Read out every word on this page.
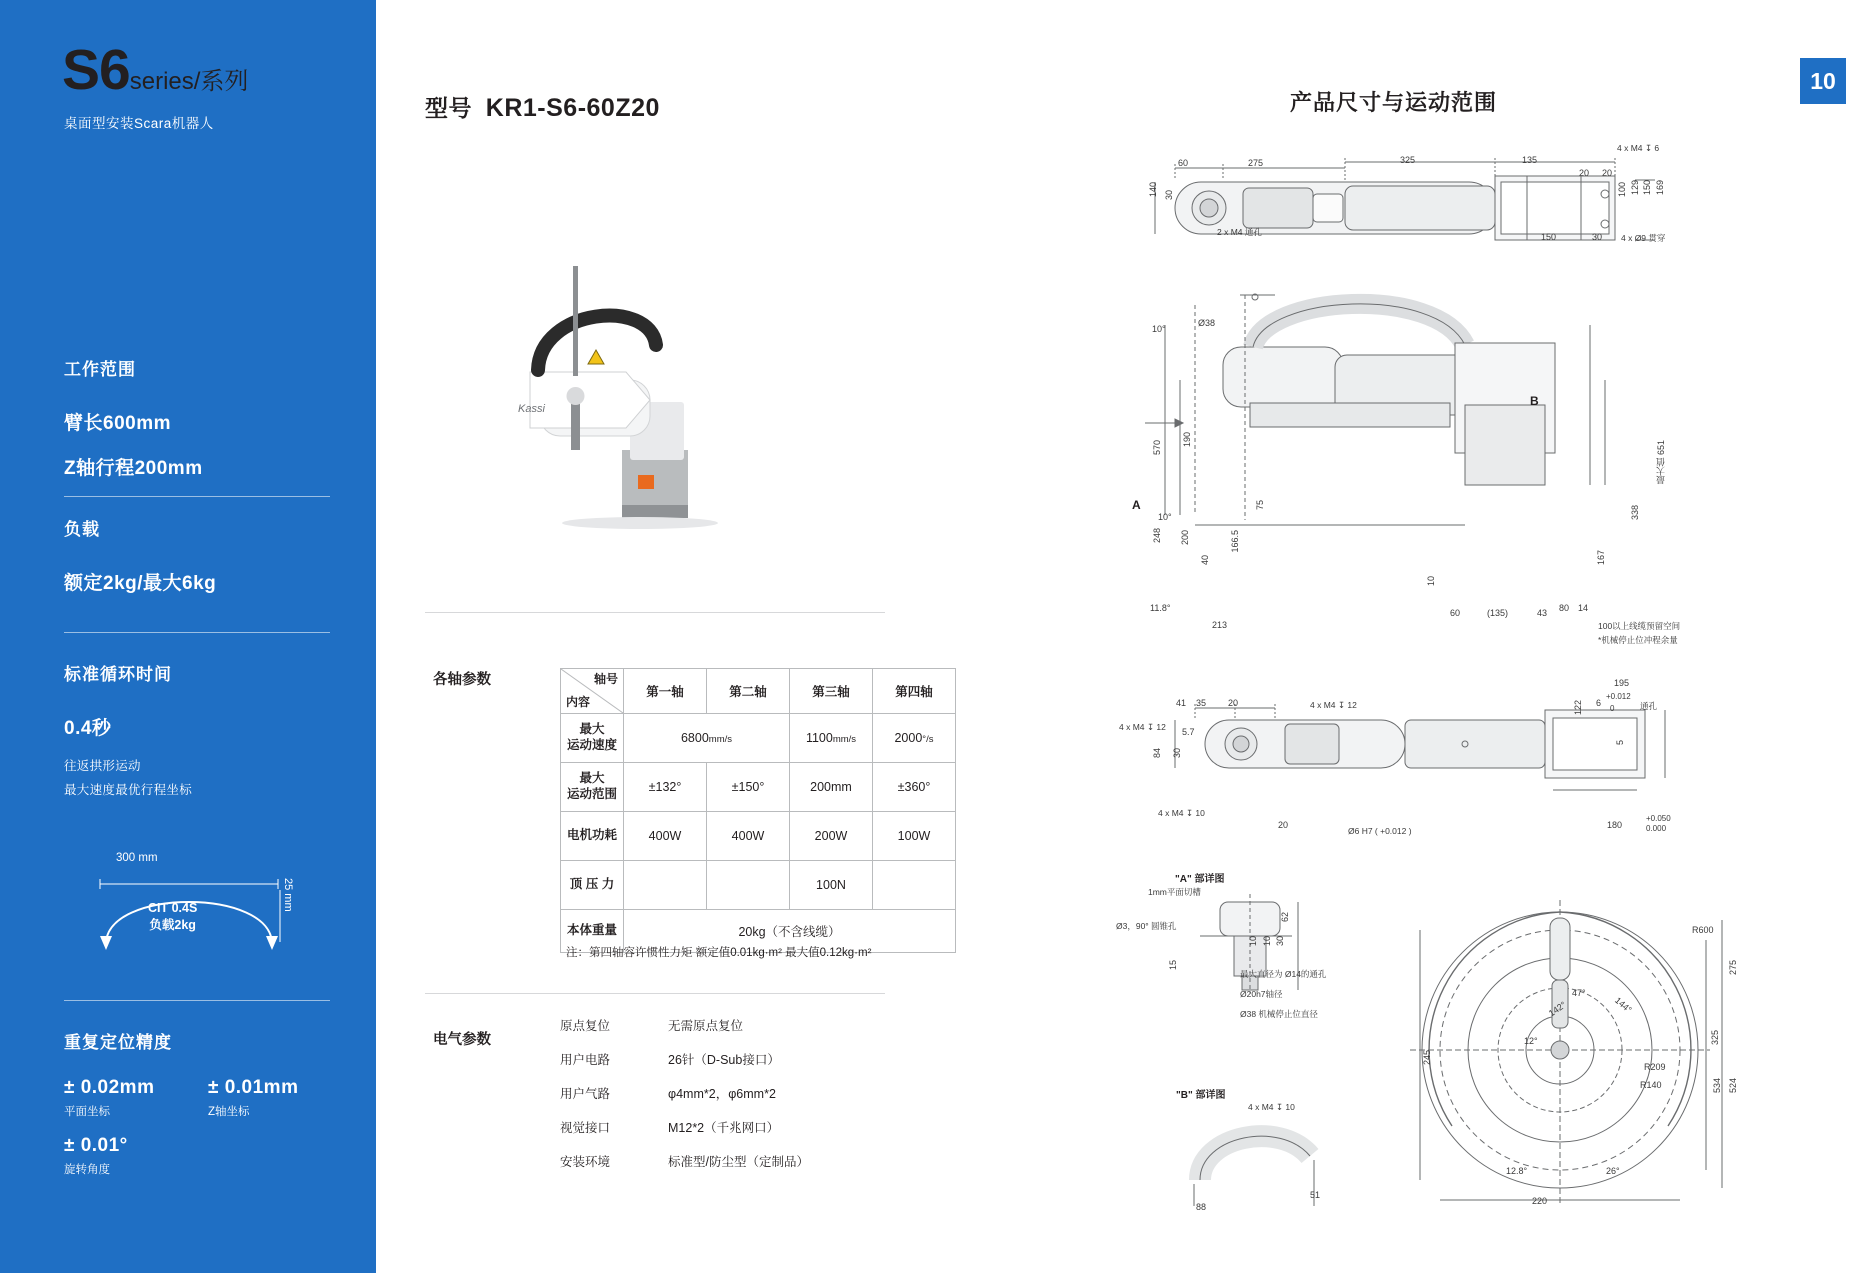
S6series/系列
桌面型安装Scara机器人
工作范围
臂长600mm
Z轴行程200mm
负载
额定2kg/最大6kg
标准循环时间
0.4秒
往返拱形运动
最大速度最优行程坐标
300 mm
25 mm
CIT 0.4S
负载2kg
重复定位精度
± 0.02mm	± 0.01mm
平面坐标	Z轴坐标
± 0.01°
旋转角度
型号 KR1-S6-60Z20
Kassi
各轴参数
电气参数
轴号
内容	第一轴	第二轴	第三轴	第四轴
最大
运动速度	6800mm/s		1100mm/s	2000°/s
最大
运动范围	±132°	±150°	200mm	±360°
电机功耗	400W	400W	200W	100W
顶 压 力			100N	
本体重量	20kg（不含线缆）			
注：第四轴容许惯性力矩 额定值0.01kg·m² 最大值0.12kg·m²
原点复位	无需原点复位
用户电路	26针（D-Sub接口）
用户气路	φ4mm*2，φ6mm*2
视觉接口	M12*2（千兆网口）
安装环境	标准型/防尘型（定制品）
产品尺寸与运动范围
10
60	275	325	135
20 20
140 30	100 129 150 169
150	30
4 x M4 ↧ 6
2 x M4 通孔
4 x Ø9 贯穿
10°
Ø38
570
190
10°
75
248 200	166.5
40
11.8°
213
10
60	(135)	43
338
167
80 14
最大值 651
A
B
100以上线缆预留空间
*机械停止位冲程余量
41 35 20
5.7
84 30
122
5
195
180
20
6
+0.012
0
+0.050
0.000
4 x M4 ↧ 12
4 x M4 ↧ 12
4 x M4 ↧ 10
通孔
Ø6 H7 ( +0.012 )
"A" 部详图
1mm平面切槽
Ø3，90° 圆锥孔
最大直径为 Ø14的通孔
Ø20h7轴径
Ø38 机械停止位直径
62
10 10 30
15
"B" 部详图
4 x M4 ↧ 10
88
51
R600
275
325
524
534
220
245
R209
R140
142°
12°
144°
12.8°	26°
47°
